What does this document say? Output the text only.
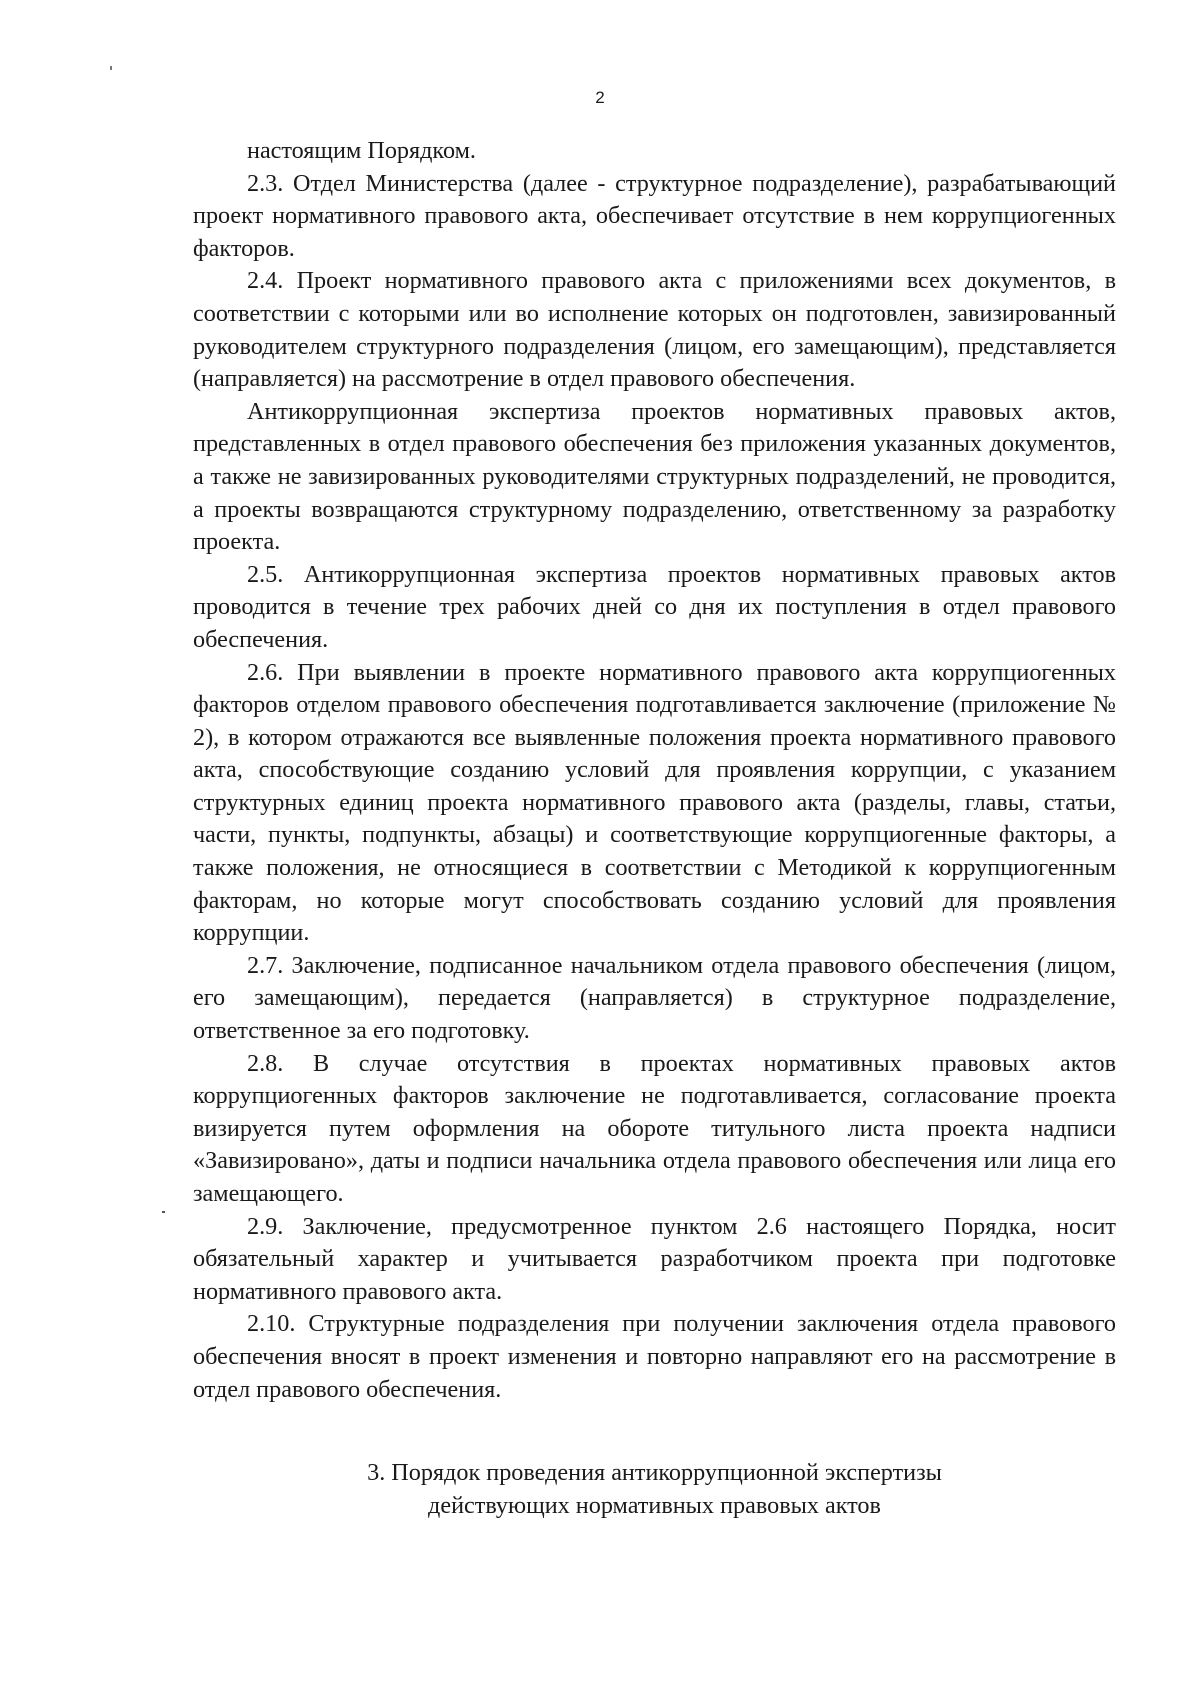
2

настоящим Порядком.

2.3. Отдел Министерства (далее - структурное подразделение), разрабатывающий проект нормативного правового акта, обеспечивает отсутствие в нем коррупциогенных факторов.

2.4. Проект нормативного правового акта с приложениями всех документов, в соответствии с которыми или во исполнение которых он подготовлен, завизированный руководителем структурного подразделения (лицом, его замещающим), представляется (направляется) на рассмотрение в отдел правового обеспечения.

Антикоррупционная экспертиза проектов нормативных правовых актов, представленных в отдел правового обеспечения без приложения указанных документов, а также не завизированных руководителями структурных подразделений, не проводится, а проекты возвращаются структурному подразделению, ответственному за разработку проекта.

2.5. Антикоррупционная экспертиза проектов нормативных правовых актов проводится в течение трех рабочих дней со дня их поступления в отдел правового обеспечения.

2.6. При выявлении в проекте нормативного правового акта коррупциогенных факторов отделом правового обеспечения подготавливается заключение (приложение № 2), в котором отражаются все выявленные положения проекта нормативного правового акта, способствующие созданию условий для проявления коррупции, с указанием структурных единиц проекта нормативного правового акта (разделы, главы, статьи, части, пункты, подпункты, абзацы) и соответствующие коррупциогенные факторы, а также положения, не относящиеся в соответствии с Методикой к коррупциогенным факторам, но которые могут способствовать созданию условий для проявления коррупции.

2.7. Заключение, подписанное начальником отдела правового обеспечения (лицом, его замещающим), передается (направляется) в структурное подразделение, ответственное за его подготовку.

2.8. В случае отсутствия в проектах нормативных правовых актов коррупциогенных факторов заключение не подготавливается, согласование проекта визируется путем оформления на обороте титульного листа проекта надписи «Завизировано», даты и подписи начальника отдела правового обеспечения или лица его замещающего.

2.9. Заключение, предусмотренное пунктом 2.6 настоящего Порядка, носит обязательный характер и учитывается разработчиком проекта при подготовке нормативного правового акта.

2.10. Структурные подразделения при получении заключения отдела правового обеспечения вносят в проект изменения и повторно направляют его на рассмотрение в отдел правового обеспечения.

3. Порядок проведения антикоррупционной экспертизы
действующих нормативных правовых актов
